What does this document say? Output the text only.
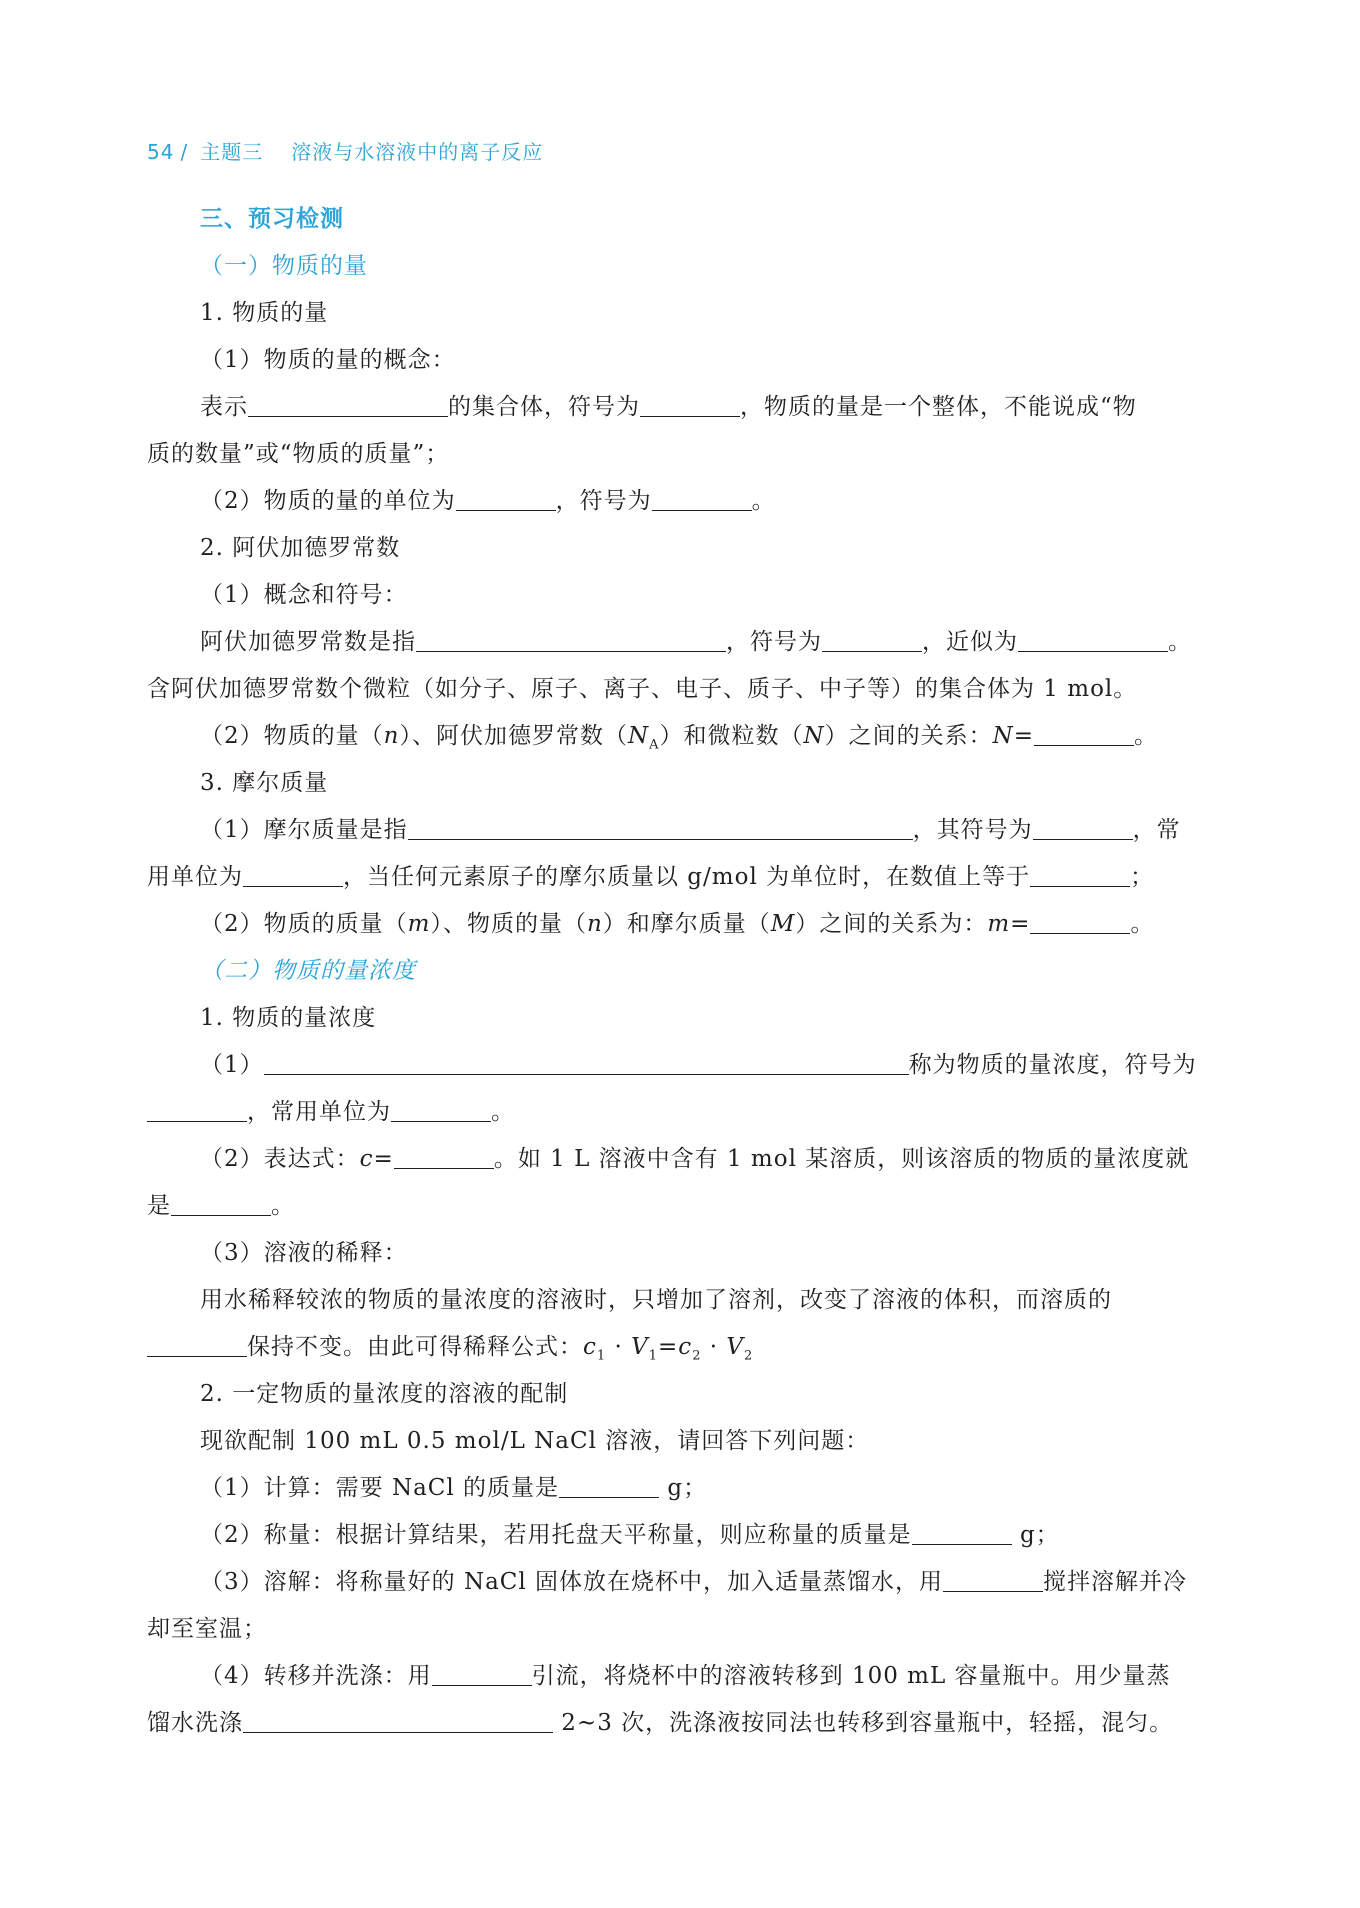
54 / 主题三 溶液与水溶液中的离子反应
三、预习检测
（一）物质的量
1. 物质的量
（1）物质的量的概念：
表示	的集合体，符号为	，物质的量是一个整体，不能说成“物
质的数量”或“物质的质量”；
（2）物质的量的单位为	，符号为	。
2. 阿伏加德罗常数
（1）概念和符号：
阿伏加德罗常数是指	，符号为	，近似为	。
含阿伏加德罗常数个微粒（如分子、原子、离子、电子、质子、中子等）的集合体为 1 mol。
（2）物质的量（n）、阿伏加德罗常数$(N_A)$和微粒数（N）之间的关系：N=	。
3. 摩尔质量
（1）摩尔质量是指	，其符号为	，常
用单位为	，当任何元素原子的摩尔质量以 g/mol 为单位时，在数值上等于	；
（2）物质的质量（m）、物质的量（n）和摩尔质量（M）之间的关系为：m=	。
（二）物质的量浓度
1. 物质的量浓度
（1）	称为物质的量浓度，符号为
，常用单位为	。
（2）表达式：c=	。如 1 L 溶液中含有 1 mol 某溶质，则该溶质的物质的量浓度就
是	。
（3）溶液的稀释：
用水稀释较浓的物质的量浓度的溶液时，只增加了溶剂，改变了溶液的体积，而溶质的
保持不变。由此可得稀释公式：$c_1 \cdot V_1=c_2 \cdot V_2$
2. 一定物质的量浓度的溶液的配制
现欲配制 100 mL 0.5 mol/L NaCl 溶液，请回答下列问题：
（1）计算：需要 NaCl 的质量是	g；
（2）称量：根据计算结果，若用托盘天平称量，则应称量的质量是	g；
（3）溶解：将称量好的 NaCl 固体放在烧杯中，加入适量蒸馏水，用	搅拌溶解并冷
却至室温；
（4）转移并洗涤：用	引流，将烧杯中的溶液转移到 100 mL 容量瓶中。用少量蒸
馏水洗涤	2~3 次，洗涤液按同法也转移到容量瓶中，轻摇，混匀。
